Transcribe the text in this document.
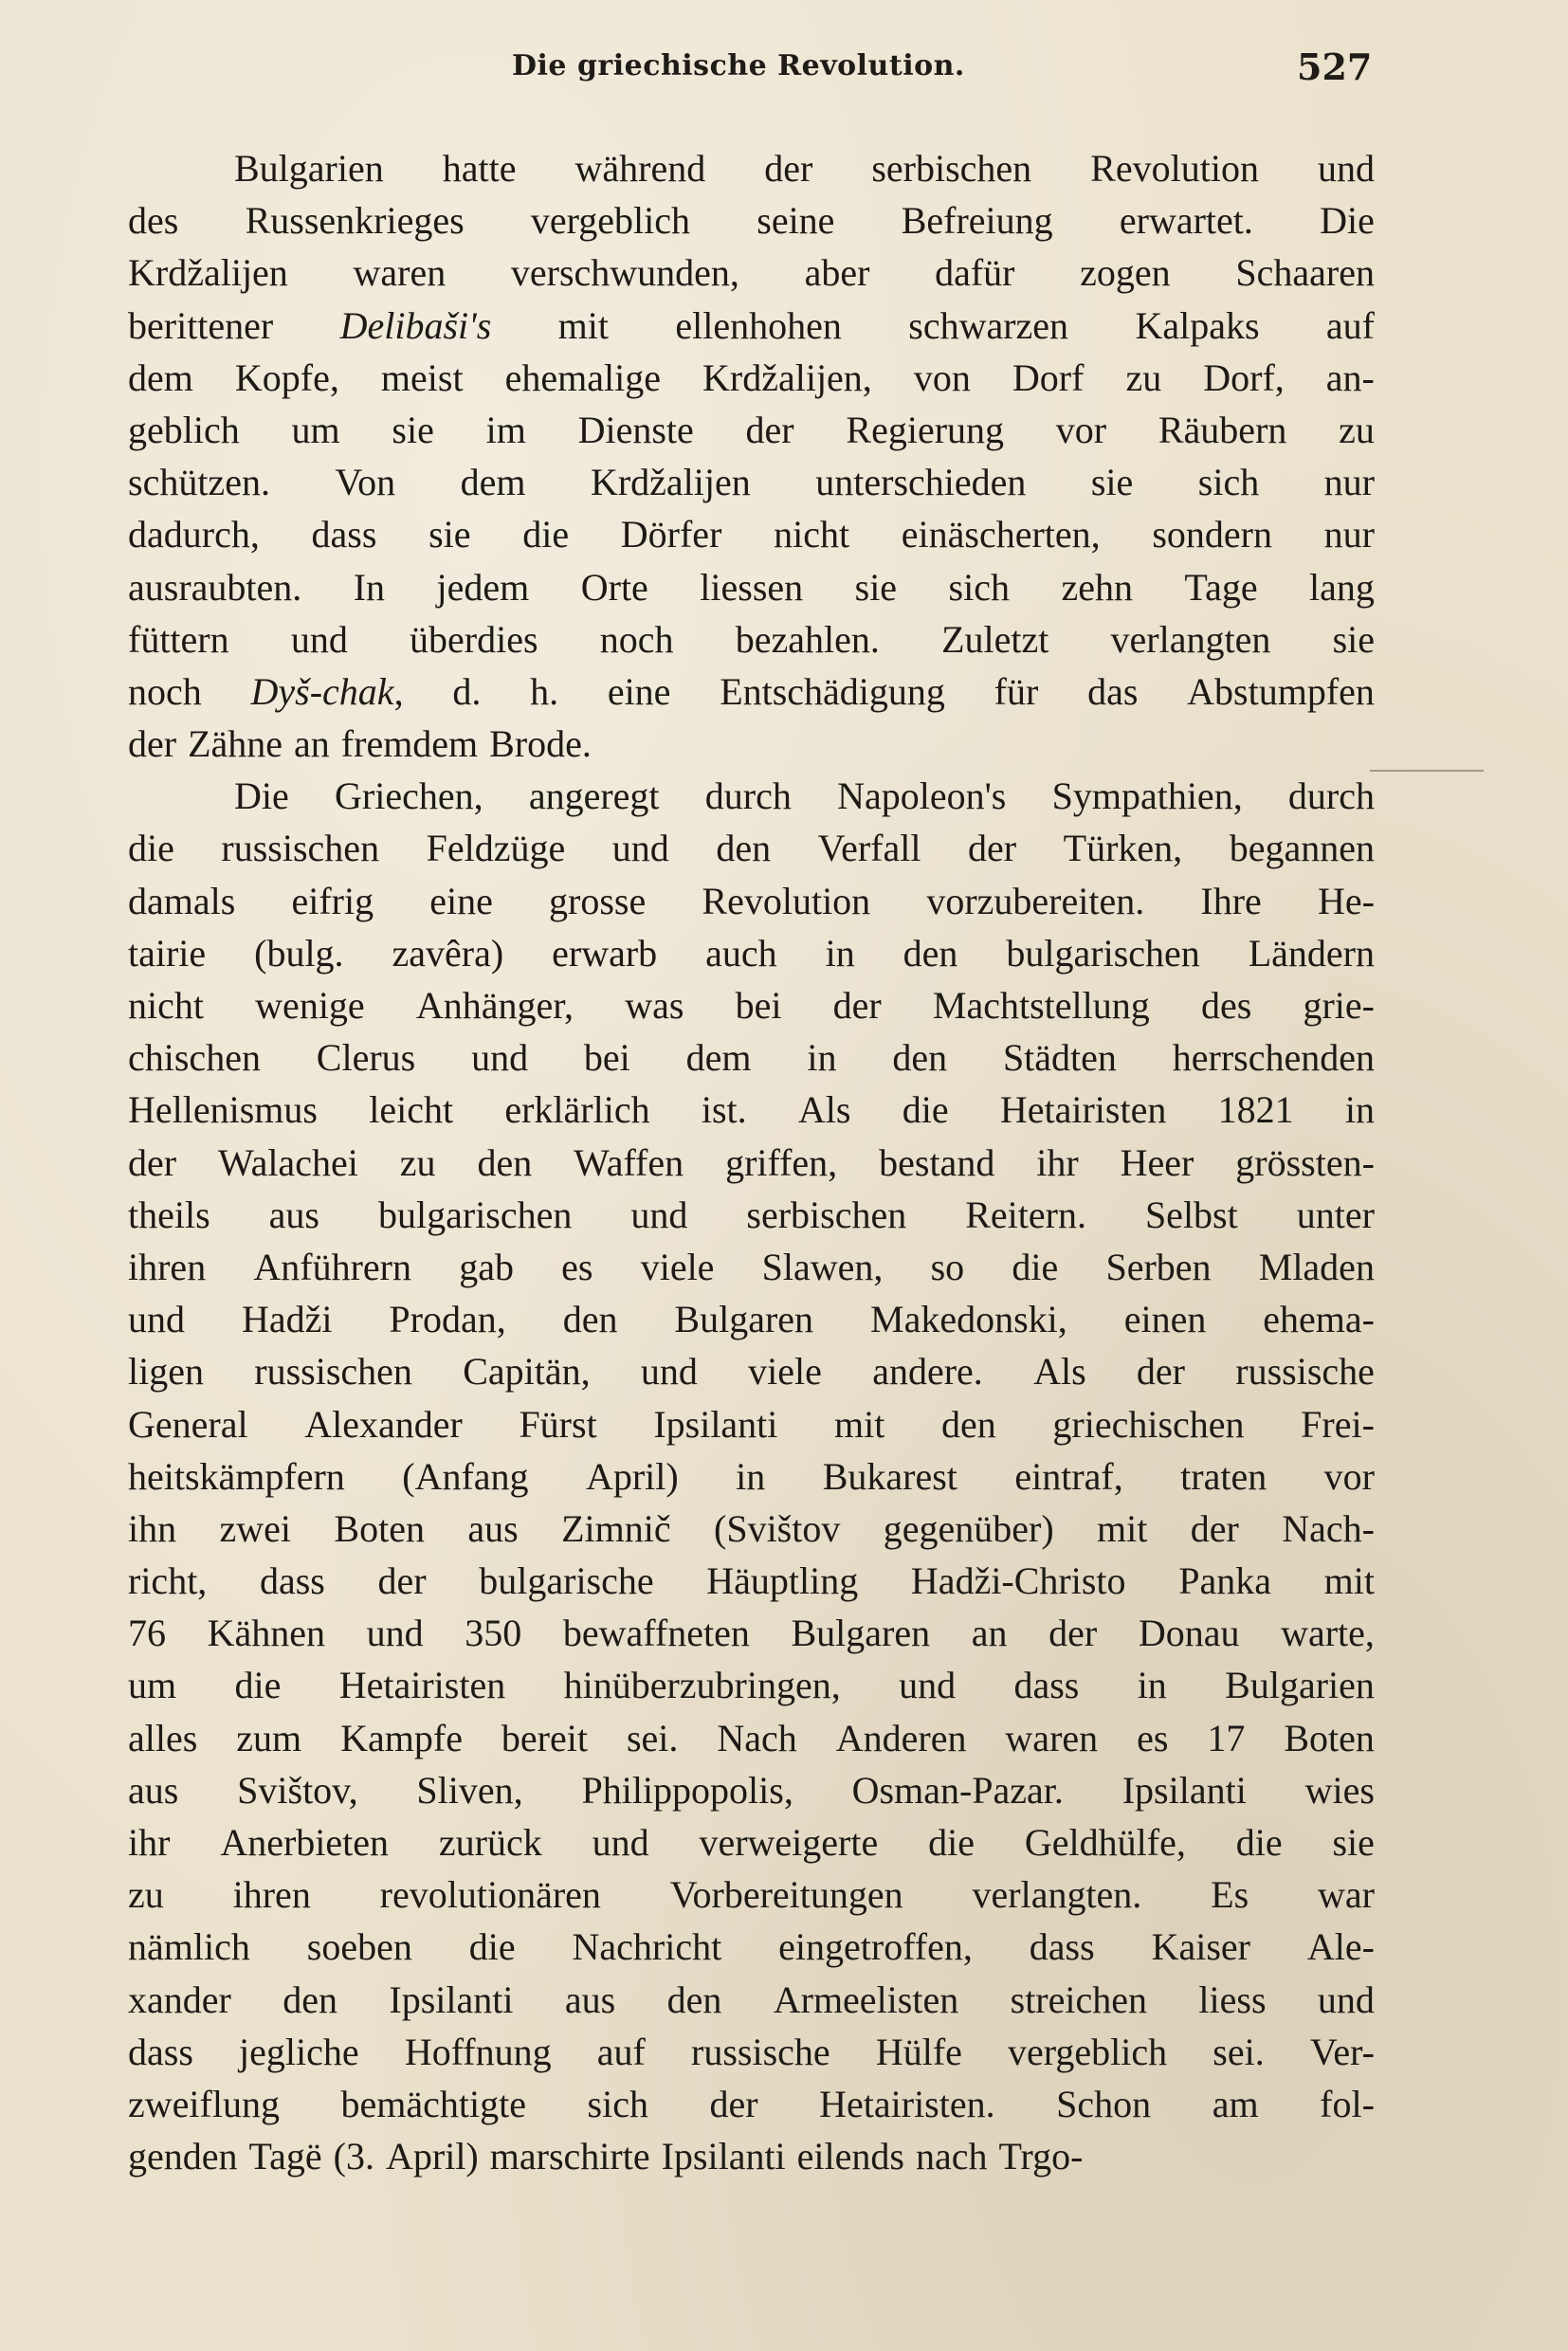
Die griechische Revolution.	527
Bulgarien hatte während der serbischen Revolution und
des Russenkrieges vergeblich seine Befreiung erwartet. Die
Krdžalijen waren verschwunden, aber dafür zogen Schaaren
berittener Delibaši's mit ellenhohen schwarzen Kalpaks auf
dem Kopfe, meist ehemalige Krdžalijen, von Dorf zu Dorf, an-
geblich um sie im Dienste der Regierung vor Räubern zu
schützen. Von dem Krdžalijen unterschieden sie sich nur
dadurch, dass sie die Dörfer nicht einäscherten, sondern nur
ausraubten. In jedem Orte liessen sie sich zehn Tage lang
füttern und überdies noch bezahlen. Zuletzt verlangten sie
noch Dyš-chak, d. h. eine Entschädigung für das Abstumpfen
der Zähne an fremdem Brode.
Die Griechen, angeregt durch Napoleon's Sympathien, durch
die russischen Feldzüge und den Verfall der Türken, begannen
damals eifrig eine grosse Revolution vorzubereiten. Ihre He-
tairie (bulg. zavêra) erwarb auch in den bulgarischen Ländern
nicht wenige Anhänger, was bei der Machtstellung des grie-
chischen Clerus und bei dem in den Städten herrschenden
Hellenismus leicht erklärlich ist. Als die Hetairisten 1821 in
der Walachei zu den Waffen griffen, bestand ihr Heer grössten-
theils aus bulgarischen und serbischen Reitern. Selbst unter
ihren Anführern gab es viele Slawen, so die Serben Mladen
und Hadži Prodan, den Bulgaren Makedonski, einen ehema-
ligen russischen Capitän, und viele andere. Als der russische
General Alexander Fürst Ipsilanti mit den griechischen Frei-
heitskämpfern (Anfang April) in Bukarest eintraf, traten vor
ihn zwei Boten aus Zimnič (Svištov gegenüber) mit der Nach-
richt, dass der bulgarische Häuptling Hadži-Christo Panka mit
76 Kähnen und 350 bewaffneten Bulgaren an der Donau warte,
um die Hetairisten hinüberzubringen, und dass in Bulgarien
alles zum Kampfe bereit sei. Nach Anderen waren es 17 Boten
aus Svištov, Sliven, Philippopolis, Osman-Pazar. Ipsilanti wies
ihr Anerbieten zurück und verweigerte die Geldhülfe, die sie
zu ihren revolutionären Vorbereitungen verlangten. Es war
nämlich soeben die Nachricht eingetroffen, dass Kaiser Ale-
xander den Ipsilanti aus den Armeelisten streichen liess und
dass jegliche Hoffnung auf russische Hülfe vergeblich sei. Ver-
zweiflung bemächtigte sich der Hetairisten. Schon am fol-
genden Tagë (3. April) marschirte Ipsilanti eilends nach Trgo-
